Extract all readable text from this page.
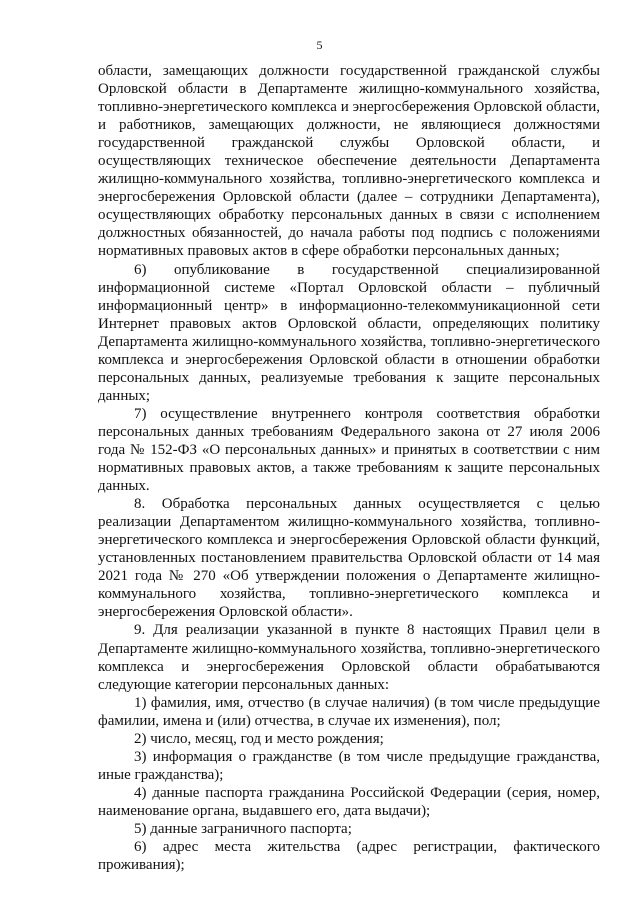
5

области, замещающих должности государственной гражданской службы Орловской области в Департаменте жилищно-коммунального хозяйства, топливно-энергетического комплекса и энергосбережения Орловской области, и работников, замещающих должности, не являющиеся должностями государственной гражданской службы Орловской области, и осуществляющих техническое обеспечение деятельности Департамента жилищно-коммунального хозяйства, топливно-энергетического комплекса и энергосбережения Орловской области (далее – сотрудники Департамента), осуществляющих обработку персональных данных в связи с исполнением должностных обязанностей, до начала работы под подпись с положениями нормативных правовых актов в сфере обработки персональных данных;

6) опубликование в государственной специализированной информационной системе «Портал Орловской области – публичный информационный центр» в информационно-телекоммуникационной сети Интернет правовых актов Орловской области, определяющих политику Департамента жилищно-коммунального хозяйства, топливно-энергетического комплекса и энергосбережения Орловской области в отношении обработки персональных данных, реализуемые требования к защите персональных данных;

7) осуществление внутреннего контроля соответствия обработки персональных данных требованиям Федерального закона от 27 июля 2006 года № 152-ФЗ «О персональных данных» и принятых в соответствии с ним нормативных правовых актов, а также требованиям к защите персональных данных.

8. Обработка персональных данных осуществляется с целью реализации Департаментом жилищно-коммунального хозяйства, топливно-энергетического комплекса и энергосбережения Орловской области функций, установленных постановлением правительства Орловской области от 14 мая 2021 года № 270 «Об утверждении положения о Департаменте жилищно-коммунального хозяйства, топливно-энергетического комплекса и энергосбережения Орловской области».

9. Для реализации указанной в пункте 8 настоящих Правил цели в Департаменте жилищно-коммунального хозяйства, топливно-энергетического комплекса и энергосбережения Орловской области обрабатываются следующие категории персональных данных:

1) фамилия, имя, отчество (в случае наличия) (в том числе предыдущие фамилии, имена и (или) отчества, в случае их изменения), пол;

2) число, месяц, год и место рождения;

3) информация о гражданстве (в том числе предыдущие гражданства, иные гражданства);

4) данные паспорта гражданина Российской Федерации (серия, номер, наименование органа, выдавшего его, дата выдачи);

5) данные заграничного паспорта;

6) адрес места жительства (адрес регистрации, фактического проживания);
